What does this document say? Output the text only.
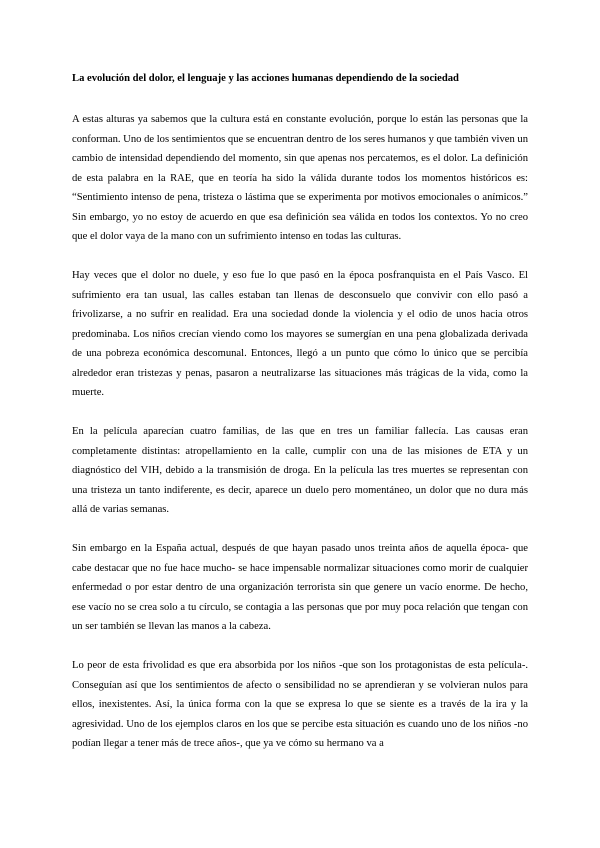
La evolución del dolor, el lenguaje y las acciones humanas dependiendo de la sociedad

A estas alturas ya sabemos que la cultura está en constante evolución, porque lo están las personas que la conforman. Uno de los sentimientos que se encuentran dentro de los seres humanos y que también viven un cambio de intensidad dependiendo del momento, sin que apenas nos percatemos, es el dolor. La definición de esta palabra en la RAE, que en teoría ha sido la válida durante todos los momentos históricos es: “Sentimiento intenso de pena, tristeza o lástima que se experimenta por motivos emocionales o anímicos.” Sin embargo, yo no estoy de acuerdo en que esa definición sea válida en todos los contextos. Yo no creo que el dolor vaya de la mano con un sufrimiento intenso en todas las culturas.

Hay veces que el dolor no duele, y eso fue lo que pasó en la época posfranquista en el País Vasco. El sufrimiento era tan usual, las calles estaban tan llenas de desconsuelo que convivir con ello pasó a frivolizarse, a no sufrir en realidad. Era una sociedad donde la violencia y el odio de unos hacia otros predominaba. Los niños crecían viendo como los mayores se sumergían en una pena globalizada derivada de una pobreza económica descomunal. Entonces, llegó a un punto que cómo lo único que se percibía alrededor eran tristezas y penas, pasaron a neutralizarse las situaciones más trágicas de la vida, como la muerte.

En la película aparecían cuatro familias, de las que en tres un familiar fallecía. Las causas eran completamente distintas: atropellamiento en la calle, cumplir con una de las misiones de ETA y un diagnóstico del VIH, debido a la transmisión de droga. En la película las tres muertes se representan con una tristeza un tanto indiferente, es decir, aparece un duelo pero momentáneo, un dolor que no dura más allá de varias semanas.

Sin embargo en la España actual, después de que hayan pasado unos treinta años de aquella época- que cabe destacar que no fue hace mucho- se hace impensable normalizar situaciones como morir de cualquier enfermedad o por estar dentro de una organización terrorista sin que genere un vacío enorme. De hecho, ese vacío no se crea solo a tu círculo, se contagia a las personas que por muy poca relación que tengan con un ser también se llevan las manos a la cabeza.

Lo peor de esta frivolidad es que era absorbida por los niños -que son los protagonistas de esta película-. Conseguían así que los sentimientos de afecto o sensibilidad no se aprendieran y se volvieran nulos para ellos, inexistentes. Así, la única forma con la que se expresa lo que se siente es a través de la ira y la agresividad. Uno de los ejemplos claros en los que se percibe esta situación es cuando uno de los niños -no podían llegar a tener más de trece años-, que ya ve cómo su hermano va a
